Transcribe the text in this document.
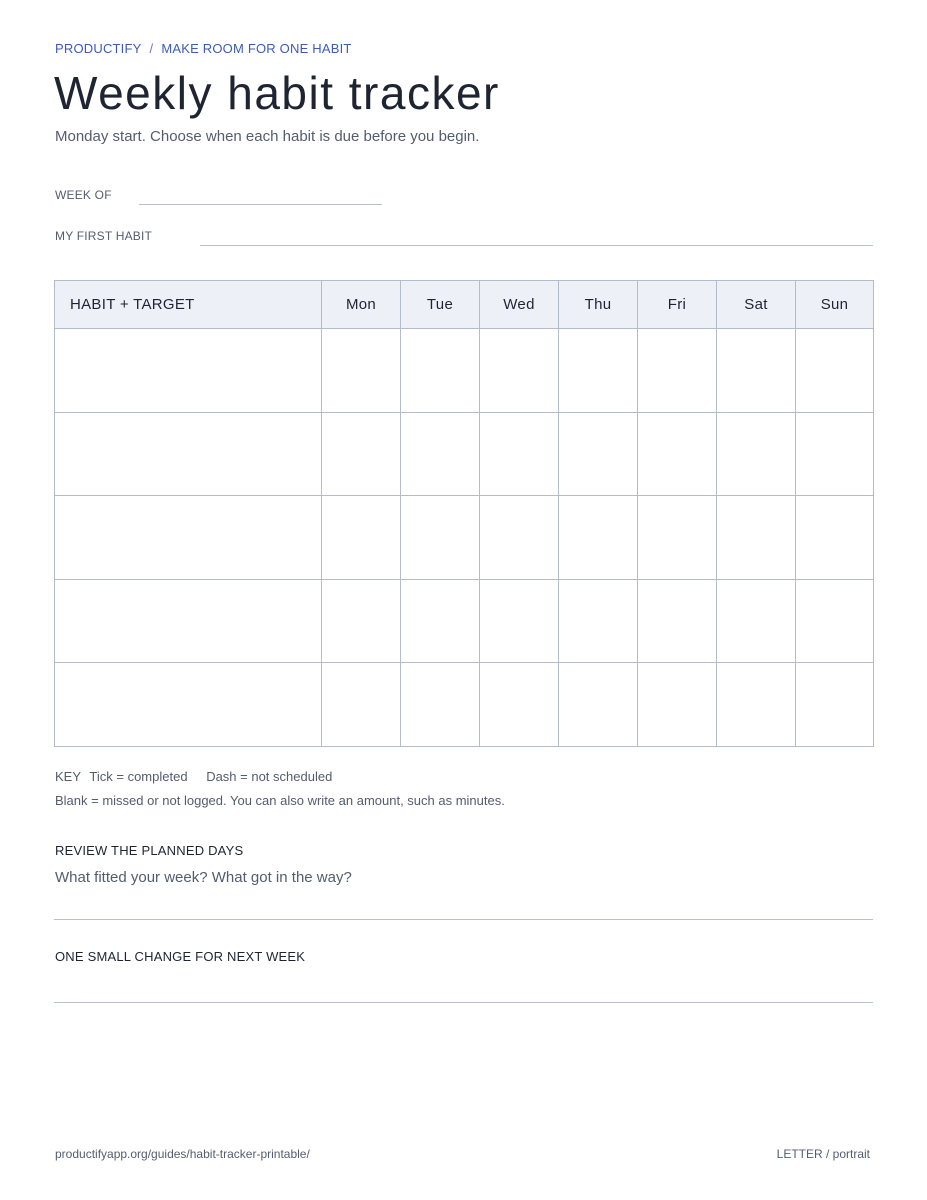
PRODUCTIFY / MAKE ROOM FOR ONE HABIT
Weekly habit tracker

Monday start. Choose when each habit is due before you begin.

WEEK OF
MY FIRST HABIT
HABIT + TARGET	Mon	Tue	Wed	Thu	Fri	Sat	Sun

KEY Tick = completed Dash = not scheduled
Blank = missed or not logged. You can also write an amount, such as minutes.
REVIEW THE PLANNED DAYS
What fitted your week? What got in the way?
ONE SMALL CHANGE FOR NEXT WEEK
productifyapp.org/guides/habit-tracker-printable/	LETTER / portrait
